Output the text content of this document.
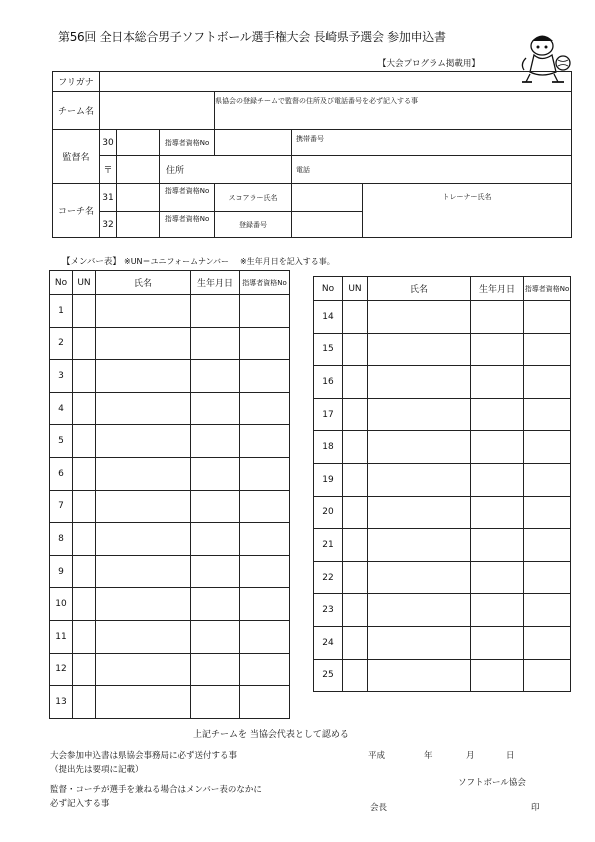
第56回 全日本総合男子ソフトボール選手権大会 長崎県予選会 参加申込書
【大会プログラム掲載用】
フリガナ						
チーム名				県協会の登録チームで監督の住所及び電話番号を必ず記入する事		
監督名	30		指導者資格No		携帯番号	
	〒		住所		電話	
コーチ名	31		指導者資格No	スコアラー氏名		トレーナー氏名
	32		指導者資格No	登録番号		
【メンバー表】 ※UN＝ユニフォームナンバー ※生年月日を記入する事。
No	UN	氏名	生年月日	指導者資格No
1				
2				
3				
4				
5				
6				
7				
8				
9				
10				
11				
12				
13				
No	UN	氏名	生年月日	指導者資格No
14				
15				
16				
17				
18				
19				
20				
21				
22				
23				
24				
25				
上記チームを 当協会代表として認める
大会参加申込書は県協会事務局に必ず送付する事
（提出先は要項に記載）
監督・コーチが選手を兼ねる場合はメンバー表のなかに
必ず記入する事
平成	年	月	日
ソフトボール協会
会長	印
